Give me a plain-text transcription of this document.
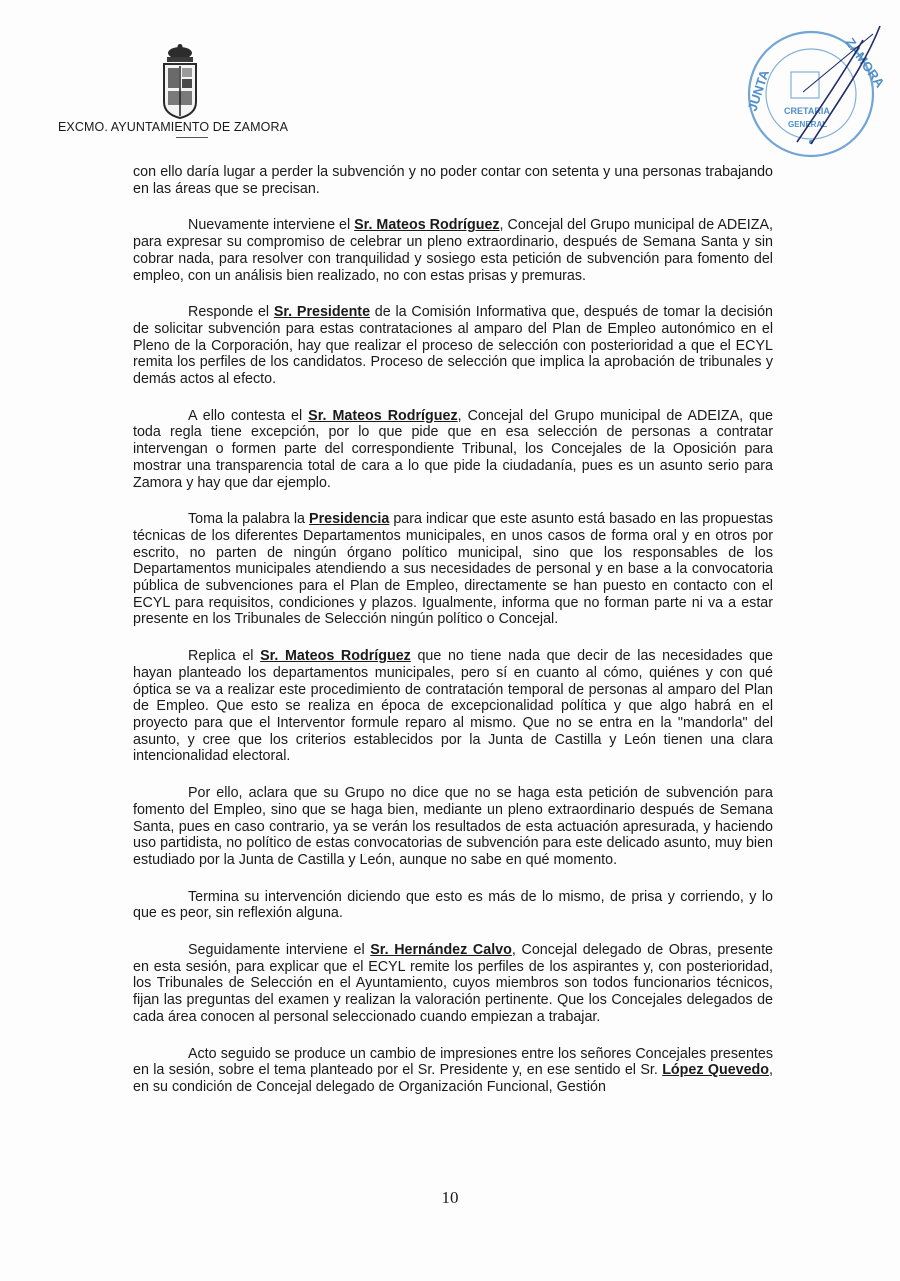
EXCMO. AYUNTAMIENTO DE ZAMORA
JUNTA
ZAMORA
CRETARIA
GENERAL

con ello daría lugar a perder la subvención y no poder contar con setenta y una personas trabajando en las áreas que se precisan.

Nuevamente interviene el Sr. Mateos Rodríguez, Concejal del Grupo municipal de ADEIZA, para expresar su compromiso de celebrar un pleno extraordinario, después de Semana Santa y sin cobrar nada, para resolver con tranquilidad y sosiego esta petición de subvención para fomento del empleo, con un análisis bien realizado, no con estas prisas y premuras.

Responde el Sr. Presidente de la Comisión Informativa que, después de tomar la decisión de solicitar subvención para estas contrataciones al amparo del Plan de Empleo autonómico en el Pleno de la Corporación, hay que realizar el proceso de selección con posterioridad a que el ECYL remita los perfiles de los candidatos. Proceso de selección que implica la aprobación de tribunales y demás actos al efecto.

A ello contesta el Sr. Mateos Rodríguez, Concejal del Grupo municipal de ADEIZA, que toda regla tiene excepción, por lo que pide que en esa selección de personas a contratar intervengan o formen parte del correspondiente Tribunal, los Concejales de la Oposición para mostrar una transparencia total de cara a lo que pide la ciudadanía, pues es un asunto serio para Zamora y hay que dar ejemplo.

Toma la palabra la Presidencia para indicar que este asunto está basado en las propuestas técnicas de los diferentes Departamentos municipales, en unos casos de forma oral y en otros por escrito, no parten de ningún órgano político municipal, sino que los responsables de los Departamentos municipales atendiendo a sus necesidades de personal y en base a la convocatoria pública de subvenciones para el Plan de Empleo, directamente se han puesto en contacto con el ECYL para requisitos, condiciones y plazos. Igualmente, informa que no forman parte ni va a estar presente en los Tribunales de Selección ningún político o Concejal.

Replica el Sr. Mateos Rodríguez que no tiene nada que decir de las necesidades que hayan planteado los departamentos municipales, pero sí en cuanto al cómo, quiénes y con qué óptica se va a realizar este procedimiento de contratación temporal de personas al amparo del Plan de Empleo. Que esto se realiza en época de excepcionalidad política y que algo habrá en el proyecto para que el Interventor formule reparo al mismo. Que no se entra en la "mandorla" del asunto, y cree que los criterios establecidos por la Junta de Castilla y León tienen una clara intencionalidad electoral.

Por ello, aclara que su Grupo no dice que no se haga esta petición de subvención para fomento del Empleo, sino que se haga bien, mediante un pleno extraordinario después de Semana Santa, pues en caso contrario, ya se verán los resultados de esta actuación apresurada, y haciendo uso partidista, no político de estas convocatorias de subvención para este delicado asunto, muy bien estudiado por la Junta de Castilla y León, aunque no sabe en qué momento.

Termina su intervención diciendo que esto es más de lo mismo, de prisa y corriendo, y lo que es peor, sin reflexión alguna.

Seguidamente interviene el Sr. Hernández Calvo, Concejal delegado de Obras, presente en esta sesión, para explicar que el ECYL remite los perfiles de los aspirantes y, con posterioridad, los Tribunales de Selección en el Ayuntamiento, cuyos miembros son todos funcionarios técnicos, fijan las preguntas del examen y realizan la valoración pertinente. Que los Concejales delegados de cada área conocen al personal seleccionado cuando empiezan a trabajar.

Acto seguido se produce un cambio de impresiones entre los señores Concejales presentes en la sesión, sobre el tema planteado por el Sr. Presidente y, en ese sentido el Sr. López Quevedo, en su condición de Concejal delegado de Organización Funcional, Gestión

10
